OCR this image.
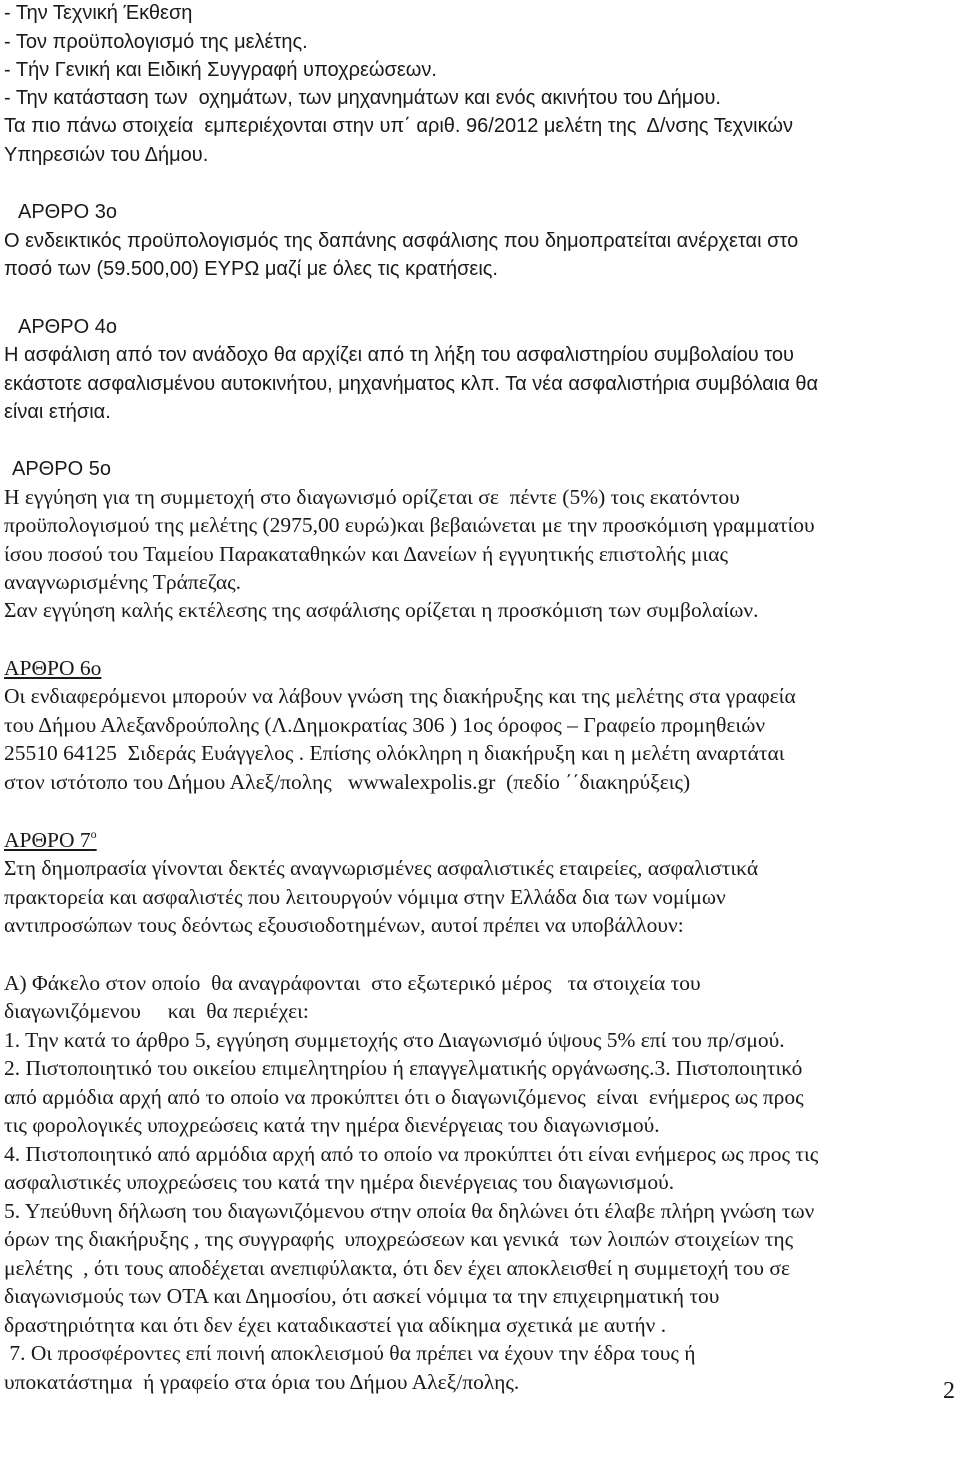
- Την Τεχνική Έκθεση
- Τον προϋπολογισμό της μελέτης.
- Τήν Γενική και Ειδική Συγγραφή υποχρεώσεων.
- Την κατάσταση των  οχημάτων, των μηχανημάτων και ενός ακινήτου του Δήμου.
Τα πιο πάνω στοιχεία  εμπεριέχονται στην υπ΄ αριθ. 96/2012 μελέτη της  Δ/νσης Τεχνικών
Υπηρεσιών του Δήμου.
ΑΡΘΡΟ 3ο
Ο ενδεικτικός προϋπολογισμός της δαπάνης ασφάλισης που δημοπρατείται ανέρχεται στο
ποσό των (59.500,00) ΕΥΡΩ μαζί με όλες τις κρατήσεις.
ΑΡΘΡΟ 4ο
Η ασφάλιση από τον ανάδοχο θα αρχίζει από τη λήξη του ασφαλιστηρίου συμβολαίου του
εκάστοτε ασφαλισμένου αυτοκινήτου, μηχανήματος κλπ. Τα νέα ασφαλιστήρια συμβόλαια θα
είναι ετήσια.
ΑΡΘΡΟ 5ο
Η εγγύηση για τη συμμετοχή στο διαγωνισμό ορίζεται σε  πέντε (5%) τοις εκατόντου
προϋπολογισμού της μελέτης (2975,00 ευρώ)και βεβαιώνεται με την προσκόμιση γραμματίου
ίσου ποσού του Ταμείου Παρακαταθηκών και Δανείων ή εγγυητικής επιστολής μιας
αναγνωρισμένης Τράπεζας.
Σαν εγγύηση καλής εκτέλεσης της ασφάλισης ορίζεται η προσκόμιση των συμβολαίων.
ΑΡΘΡΟ 6ο
Οι ενδιαφερόμενοι μπορούν να λάβουν γνώση της διακήρυξης και της μελέτης στα γραφεία
του Δήμου Αλεξανδρούπολης (Λ.Δημοκρατίας 306 ) 1ος όροφος – Γραφείο προμηθειών
25510 64125  Σιδεράς Ευάγγελος . Επίσης ολόκληρη η διακήρυξη και η μελέτη αναρτάται
στον ιστότοπο του Δήμου Αλεξ/πολης   wwwalexpolis.gr  (πεδίο ΄΄διακηρύξεις)
ΑΡΘΡΟ $7^o$
Στη δημοπρασία γίνονται δεκτές αναγνωρισμένες ασφαλιστικές εταιρείες, ασφαλιστικά
πρακτορεία και ασφαλιστές που λειτουργούν νόμιμα στην Ελλάδα δια των νομίμων
αντιπροσώπων τους δεόντως εξουσιοδοτημένων, αυτοί πρέπει να υποβάλλουν:
Α) Φάκελο στον οποίο  θα αναγράφονται  στο εξωτερικό μέρος   τα στοιχεία του
διαγωνιζόμενου     και  θα περιέχει:
1. Την κατά το άρθρο 5, εγγύηση συμμετοχής στο Διαγωνισμό ύψους 5% επί του πρ/σμού.
2. Πιστοποιητικό του οικείου επιμελητηρίου ή επαγγελματικής οργάνωσης.3. Πιστοποιητικό
από αρμόδια αρχή από το οποίο να προκύπτει ότι ο διαγωνιζόμενος  είναι  ενήμερος ως προς
τις φορολογικές υποχρεώσεις κατά την ημέρα διενέργειας του διαγωνισμού.
4. Πιστοποιητικό από αρμόδια αρχή από το οποίο να προκύπτει ότι είναι ενήμερος ως προς τις
ασφαλιστικές υποχρεώσεις του κατά την ημέρα διενέργειας του διαγωνισμού.
5. Υπεύθυνη δήλωση του διαγωνιζόμενου στην οποία θα δηλώνει ότι έλαβε πλήρη γνώση των
όρων της διακήρυξης , της συγγραφής  υποχρεώσεων και γενικά  των λοιπών στοιχείων της
μελέτης  , ότι τους αποδέχεται ανεπιφύλακτα, ότι δεν έχει αποκλεισθεί η συμμετοχή του σε
διαγωνισμούς των ΟΤΑ και Δημοσίου, ότι ασκεί νόμιμα τα την επιχειρηματική του
δραστηριότητα και ότι δεν έχει καταδικαστεί για αδίκημα σχετικά με αυτήν .
7. Οι προσφέροντες επί ποινή αποκλεισμού θα πρέπει να έχουν την έδρα τους ή
υποκατάστημα  ή γραφείο στα όρια του Δήμου Αλεξ/πολης.	2
